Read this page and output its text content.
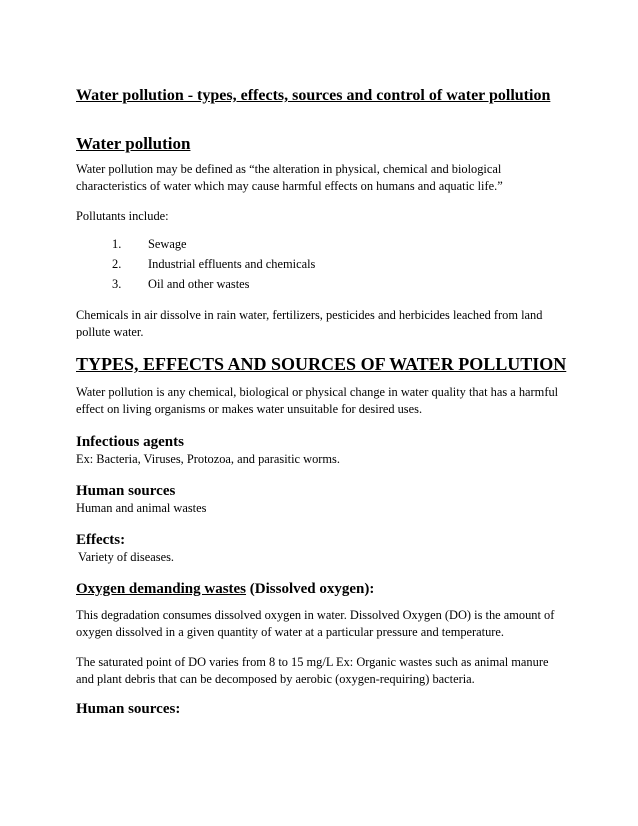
Water pollution - types, effects, sources and control of water pollution
Water pollution
Water pollution may be defined as “the alteration in physical, chemical and biological characteristics of water which may cause harmful effects on humans and aquatic life.”
Pollutants include:
1. Sewage
2. Industrial effluents and chemicals
3. Oil and other wastes
Chemicals in air dissolve in rain water, fertilizers, pesticides and herbicides leached from land pollute water.
TYPES, EFFECTS AND SOURCES OF WATER POLLUTION
Water pollution is any chemical, biological or physical change in water quality that has a harmful effect on living organisms or makes water unsuitable for desired uses.
Infectious agents
Ex: Bacteria, Viruses, Protozoa, and parasitic worms.
Human sources
Human and animal wastes
Effects:
Variety of diseases.
Oxygen demanding wastes (Dissolved oxygen):
This degradation consumes dissolved oxygen in water. Dissolved Oxygen (DO) is the amount of oxygen dissolved in a given quantity of water at a particular pressure and temperature.
The saturated point of DO varies from 8 to 15 mg/L Ex: Organic wastes such as animal manure and plant debris that can be decomposed by aerobic (oxygen-requiring) bacteria.
Human sources:
